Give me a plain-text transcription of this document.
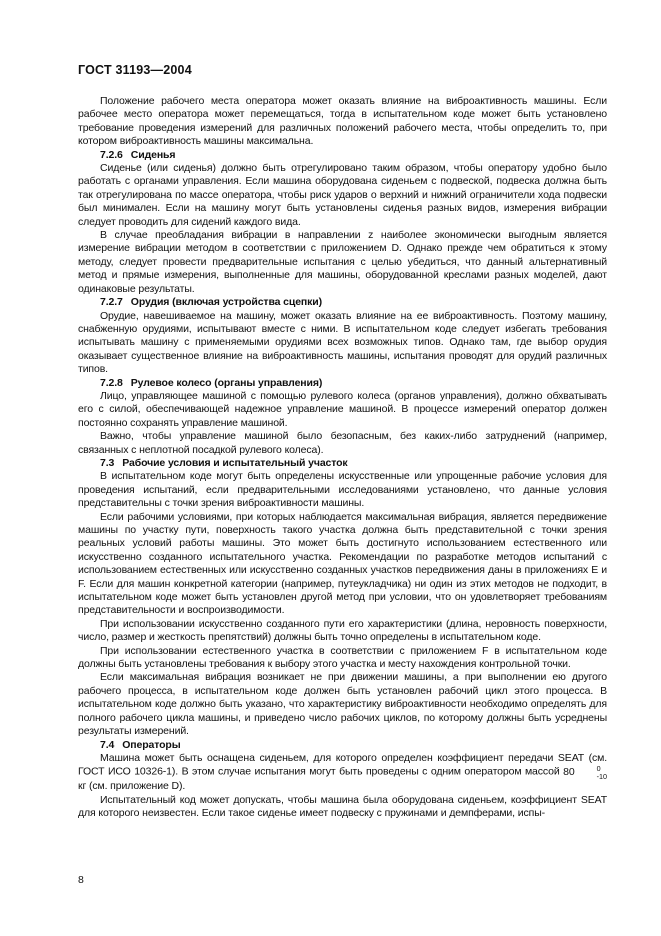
ГОСТ 31193—2004

Положение рабочего места оператора может оказать влияние на виброактивность машины. Если рабочее место оператора может перемещаться, тогда в испытательном коде может быть установлено требование проведения измерений для различных положений рабочего места, чтобы определить то, при котором виброактивность машины максимальна.

7.2.6 Сиденья

Сиденье (или сиденья) должно быть отрегулировано таким образом, чтобы оператору удобно было работать с органами управления. Если машина оборудована сиденьем с подвеской, подвеска должна быть так отрегулирована по массе оператора, чтобы риск ударов о верхний и нижний ограничители хода подвески был минимален. Если на машину могут быть установлены сиденья разных видов, измерения вибрации следует проводить для сидений каждого вида.

В случае преобладания вибрации в направлении z наиболее экономически выгодным является измерение вибрации методом в соответствии с приложением D. Однако прежде чем обратиться к этому методу, следует провести предварительные испытания с целью убедиться, что данный альтернативный метод и прямые измерения, выполненные для машины, оборудованной креслами разных моделей, дают одинаковые результаты.

7.2.7 Орудия (включая устройства сцепки)

Орудие, навешиваемое на машину, может оказать влияние на ее виброактивность. Поэтому машину, снабженную орудиями, испытывают вместе с ними. В испытательном коде следует избегать требования испытывать машину с применяемыми орудиями всех возможных типов. Однако там, где выбор орудия оказывает существенное влияние на виброактивность машины, испытания проводят для орудий различных типов.

7.2.8 Рулевое колесо (органы управления)

Лицо, управляющее машиной с помощью рулевого колеса (органов управления), должно обхватывать его с силой, обеспечивающей надежное управление машиной. В процессе измерений оператор должен постоянно сохранять управление машиной.

Важно, чтобы управление машиной было безопасным, без каких-либо затруднений (например, связанных с неплотной посадкой рулевого колеса).

7.3 Рабочие условия и испытательный участок

В испытательном коде могут быть определены искусственные или упрощенные рабочие условия для проведения испытаний, если предварительными исследованиями установлено, что данные условия представительны с точки зрения виброактивности машины.

Если рабочими условиями, при которых наблюдается максимальная вибрация, является передвижение машины по участку пути, поверхность такого участка должна быть представительной с точки зрения реальных условий работы машины. Это может быть достигнуто использованием естественного или искусственно созданного испытательного участка. Рекомендации по разработке методов испытаний с использованием естественных или искусственно созданных участков передвижения даны в приложениях E и F. Если для машин конкретной категории (например, путеукладчика) ни один из этих методов не подходит, в испытательном коде может быть установлен другой метод при условии, что он удовлетворяет требованиям представительности и воспроизводимости.

При использовании искусственно созданного пути его характеристики (длина, неровность поверхности, число, размер и жесткость препятствий) должны быть точно определены в испытательном коде.

При использовании естественного участка в соответствии с приложением F в испытательном коде должны быть установлены требования к выбору этого участка и месту нахождения контрольной точки.

Если максимальная вибрация возникает не при движении машины, а при выполнении ею другого рабочего процесса, в испытательном коде должен быть установлен рабочий цикл этого процесса. В испытательном коде должно быть указано, что характеристику виброактивности необходимо определять для полного рабочего цикла машины, и приведено число рабочих циклов, по которому должны быть усреднены результаты измерений.

7.4 Операторы

Машина может быть оснащена сиденьем, для которого определен коэффициент передачи SEAT (см. ГОСТ ИСО 10326-1). В этом случае испытания могут быть проведены с одним оператором массой 80	0
-10
кг (см. приложение D).

Испытательный код может допускать, чтобы машина была оборудована сиденьем, коэффициент SEAT для которого неизвестен. Если такое сиденье имеет подвеску с пружинами и демпферами, испы-

8
